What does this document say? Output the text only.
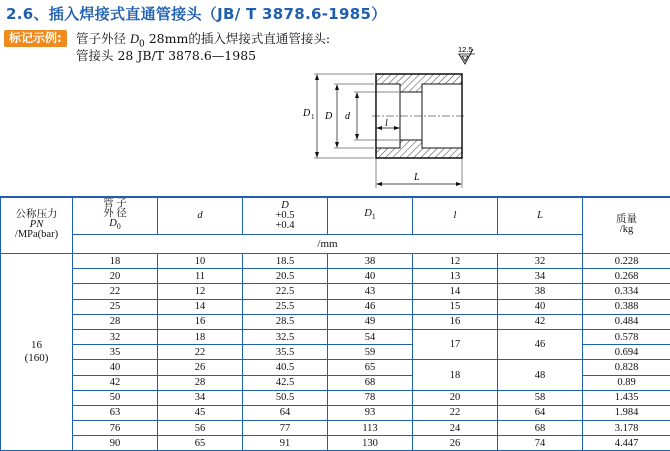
2.6、插入焊接式直通管接头（JB/ T 3878.6-1985）
标记示例:	管子外径 $D_0$ 28mm的插入焊接式直通管接头:
管接头 28 JB/T 3878.6—1985	12.5
D 1 D d
l
L
公称压力
PN
/MPa(bar)	管 子
外 径
$D_0$	d	D
+0.5
+0.4	$D_1$	l	L	质量
/kg
	/mm						
16
(160)	18	10	18.5	38	12	32	0.228
	20	11	20.5	40	13	34	0.268
	22	12	22.5	43	14	38	0.334
	25	14	25.5	46	15	40	0.388
	28	16	28.5	49	16	42	0.484
	32	18	32.5	54	17	46	0.578
	35	22	35.5	59			0.694
	40	26	40.5	65	18	48	0.828
	42	28	42.5	68			0.89
	50	34	50.5	78	20	58	1.435
	63	45	64	93	22	64	1.984
	76	56	77	113	24	68	3.178
	90	65	91	130	26	74	4.447
